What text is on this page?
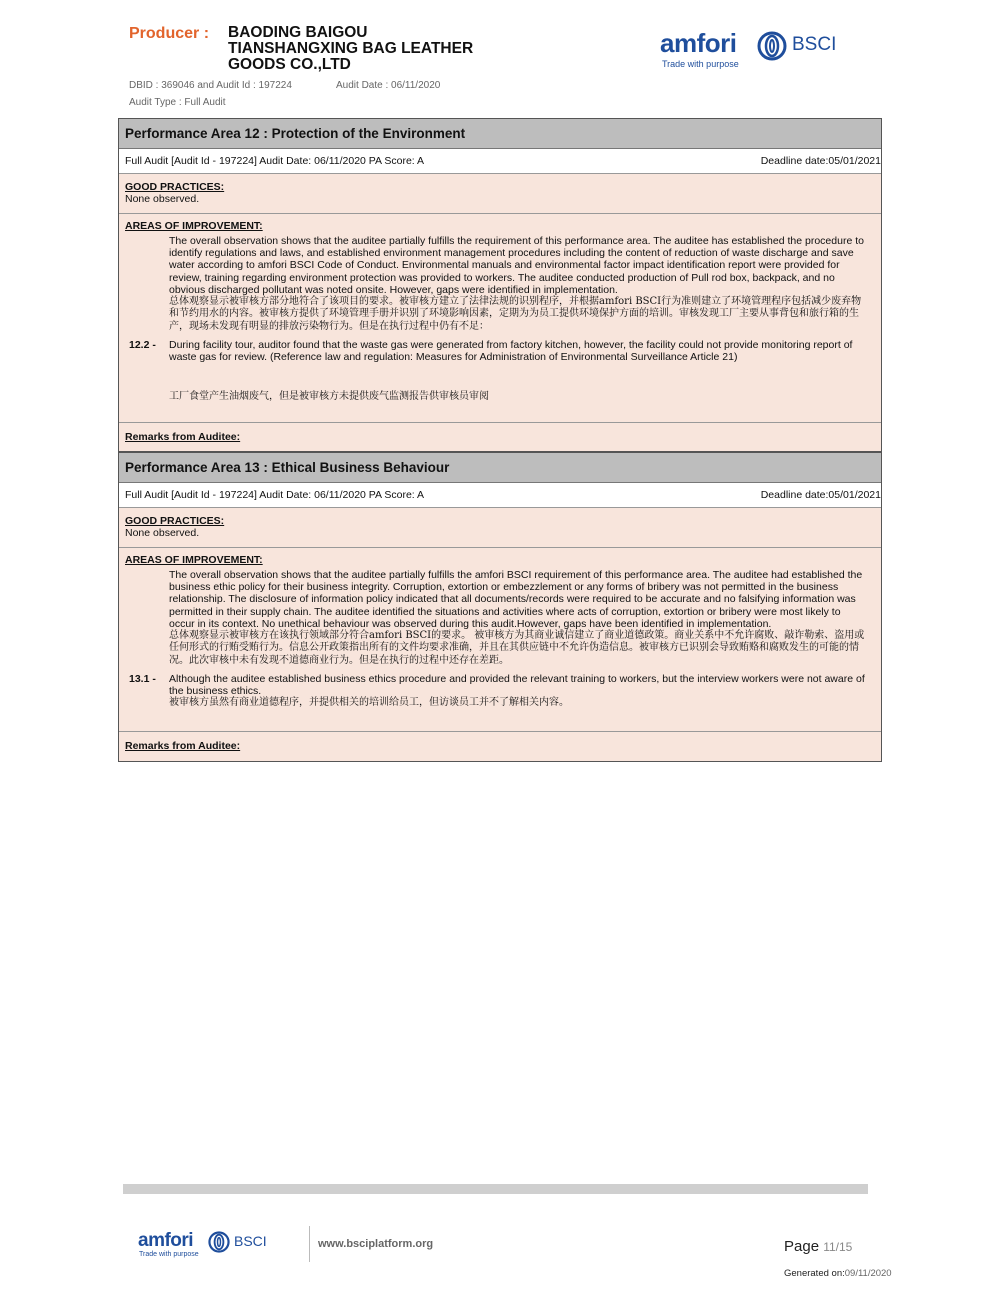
Producer : BAODING BAIGOU
TIANSHANGXING BAG LEATHER
GOODS CO.,LTD
DBID : 369046 and Audit Id : 197224	Audit Date : 06/11/2020
Audit Type : Full Audit
amfori	BSCI
Trade with purpose
Performance Area 12 : Protection of the Environment
Full Audit [Audit Id - 197224] Audit Date: 06/11/2020 PA Score: A	Deadline date:05/01/2021
GOOD PRACTICES:
None observed.
AREAS OF IMPROVEMENT:
The overall observation shows that the auditee partially fulfills the requirement of this performance area. The auditee has established the procedure to identify regulations and laws, and established environment management procedures including the content of reduction of waste discharge and save water according to amfori BSCI Code of Conduct. Environmental manuals and environmental factor impact identification report were provided for review, training regarding environment protection was provided to workers. The auditee conducted production of Pull rod box, backpack, and no obvious discharged pollutant was noted onsite. However, gaps were identified in implementation.
总体观察显示被审核方部分地符合了该项目的要求。被审核方建立了法律法规的识别程序，并根据amfori BSCI行为准则建立了环境管理程序包括减少废弃物和节约用水的内容。被审核方提供了环境管理手册并识别了环境影响因素，定期为为员工提供环境保护方面的培训。审核发现工厂主要从事背包和旅行箱的生产，现场未发现有明显的排放污染物行为。但是在执行过程中仍有不足：
12.2 -	During facility tour, auditor found that the waste gas were generated from factory kitchen, however, the facility could not provide monitoring report of waste gas for review. (Reference law and regulation: Measures for Administration of Environmental Surveillance Article 21)
工厂食堂产生油烟废气，但是被审核方未提供废气监测报告供审核员审阅
Remarks from Auditee:
Performance Area 13 : Ethical Business Behaviour
Full Audit [Audit Id - 197224] Audit Date: 06/11/2020 PA Score: A	Deadline date:05/01/2021
GOOD PRACTICES:
None observed.
AREAS OF IMPROVEMENT:
The overall observation shows that the auditee partially fulfills the amfori BSCI requirement of this performance area. The auditee had established the business ethic policy for their business integrity. Corruption, extortion or embezzlement or any forms of bribery was not permitted in the business relationship. The disclosure of information policy indicated that all documents/records were required to be accurate and no falsifying information was permitted in their supply chain. The auditee identified the situations and activities where acts of corruption, extortion or bribery were most likely to occur in its context. No unethical behaviour was observed during this audit.However, gaps have been identified in implementation.
总体观察显示被审核方在该执行领域部分符合amfori BSCI的要求。 被审核方为其商业诚信建立了商业道德政策。商业关系中不允许腐败、敲诈勒索、盗用或任何形式的行贿受贿行为。信息公开政策指出所有的文件均要求准确，并且在其供应链中不允许伪造信息。被审核方已识别会导致贿赂和腐败发生的可能的情况。此次审核中未有发现不道德商业行为。但是在执行的过程中还存在差距。
13.1 -	Although the auditee established business ethics procedure and provided the relevant training to workers, but the interview workers were not aware of the business ethics.
被审核方虽然有商业道德程序，并提供相关的培训给员工，但访谈员工并不了解相关内容。
Remarks from Auditee:
amfori	BSCI
Trade with purpose
www.bsciplatform.org	Page 11/15
Generated on:09/11/2020
